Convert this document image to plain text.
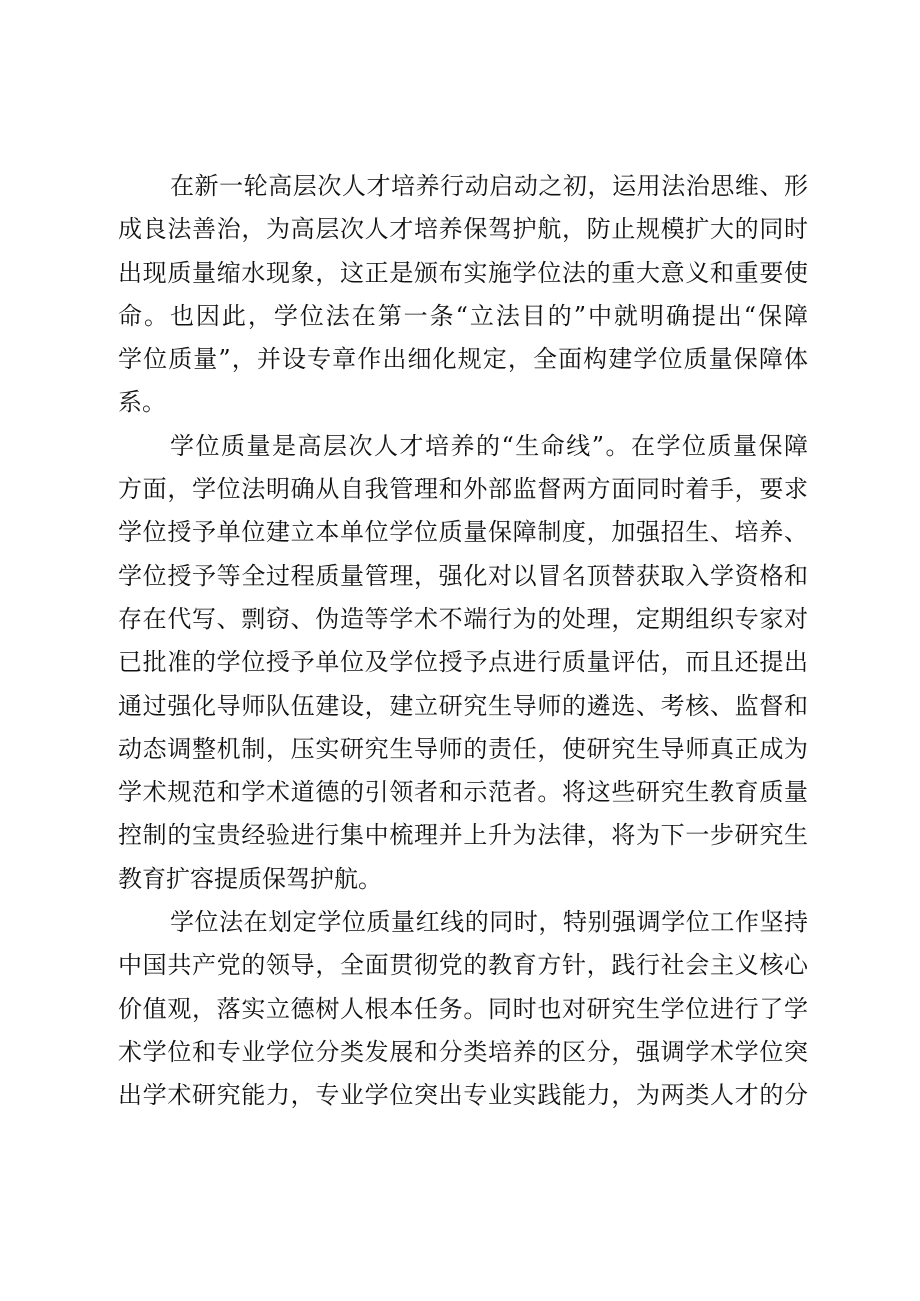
在新一轮高层次人才培养行动启动之初，运用法治思维、形
成良法善治，为高层次人才培养保驾护航，防止规模扩大的同时
出现质量缩水现象，这正是颁布实施学位法的重大意义和重要使
命。也因此，学位法在第一条“立法目的”中就明确提出“保障
学位质量”，并设专章作出细化规定，全面构建学位质量保障体
系。

学位质量是高层次人才培养的“生命线”。在学位质量保障
方面，学位法明确从自我管理和外部监督两方面同时着手，要求
学位授予单位建立本单位学位质量保障制度，加强招生、培养、
学位授予等全过程质量管理，强化对以冒名顶替获取入学资格和
存在代写、剽窃、伪造等学术不端行为的处理，定期组织专家对
已批准的学位授予单位及学位授予点进行质量评估，而且还提出
通过强化导师队伍建设，建立研究生导师的遴选、考核、监督和
动态调整机制，压实研究生导师的责任，使研究生导师真正成为
学术规范和学术道德的引领者和示范者。将这些研究生教育质量
控制的宝贵经验进行集中梳理并上升为法律，将为下一步研究生
教育扩容提质保驾护航。

学位法在划定学位质量红线的同时，特别强调学位工作坚持
中国共产党的领导，全面贯彻党的教育方针，践行社会主义核心
价值观，落实立德树人根本任务。同时也对研究生学位进行了学
术学位和专业学位分类发展和分类培养的区分，强调学术学位突
出学术研究能力，专业学位突出专业实践能力，为两类人才的分
